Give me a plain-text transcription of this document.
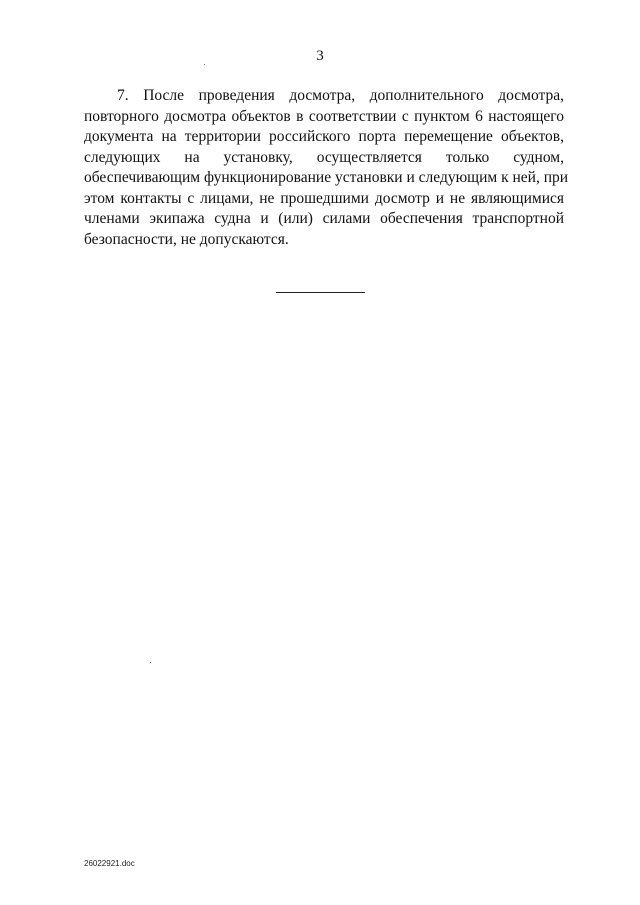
3
7. После проведения досмотра, дополнительного досмотра,
повторного досмотра объектов в соответствии с пунктом 6 настоящего
документа на территории российского порта перемещение объектов,
следующих на установку, осуществляется только судном,
обеспечивающим функционирование установки и следующим к ней, при
этом контакты с лицами, не прошедшими досмотр и не являющимися
членами экипажа судна и (или) силами обеспечения транспортной
безопасности, не допускаются.
26022921.doc
